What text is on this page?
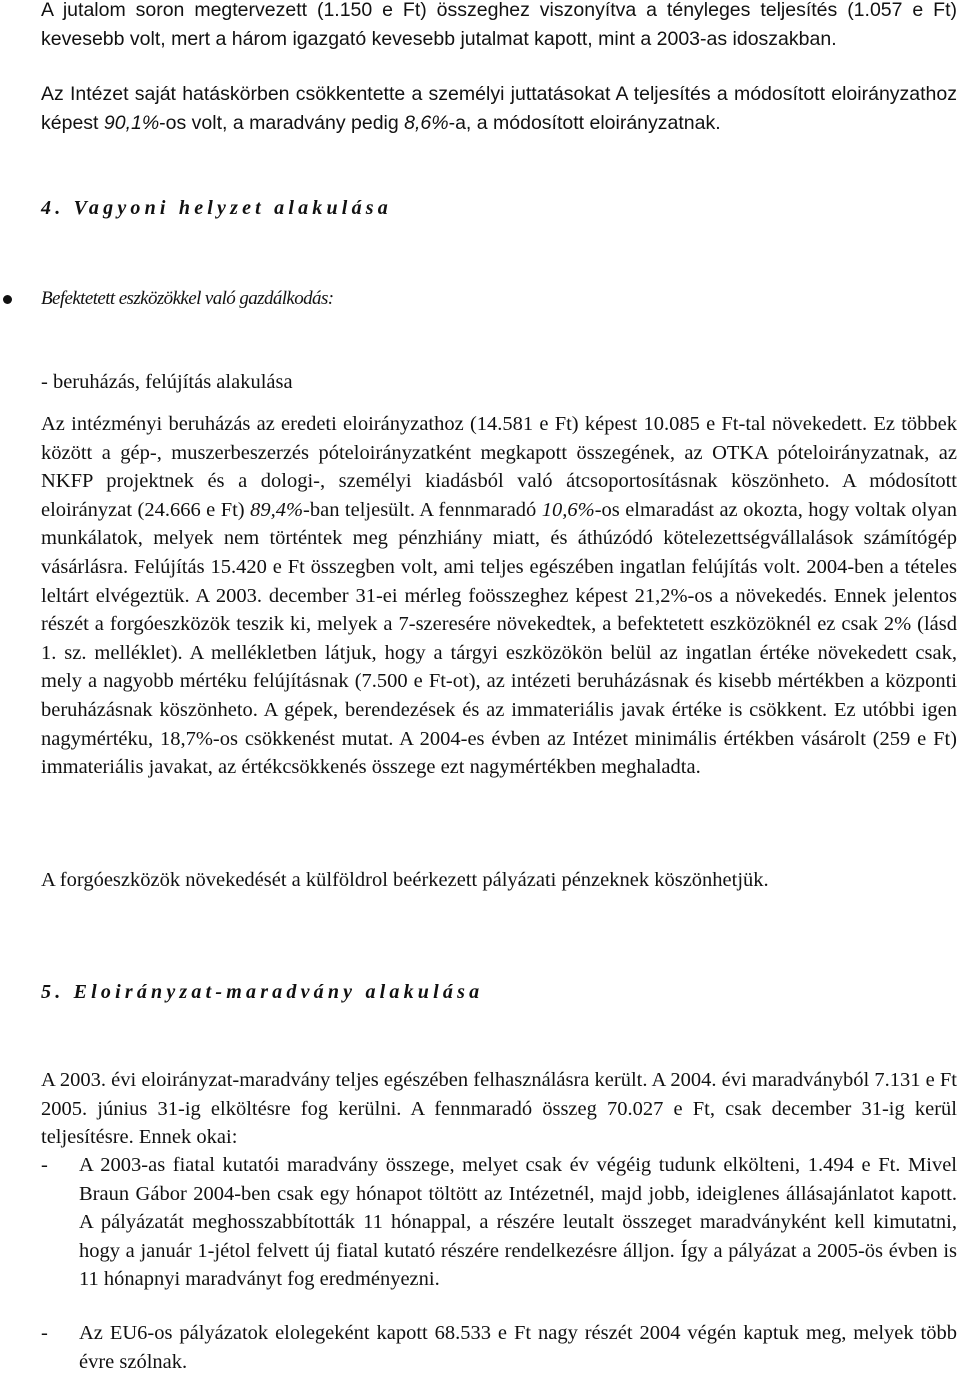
A jutalom soron megtervezett (1.150 e Ft) összeghez viszonyítva a tényleges teljesítés (1.057 e Ft) kevesebb volt, mert a három igazgató kevesebb jutalmat kapott, mint a 2003-as idoszakban.

Az Intézet saját hatáskörben csökkentette a személyi juttatásokat A teljesítés a módosított eloirányzathoz képest 90,1%-os volt, a maradvány pedig 8,6%-a, a módosított eloirányzatnak.

4. Vagyoni helyzet alakulása
Befektetett eszközökkel való gazdálkodás:

- beruházás, felújítás alakulása

Az intézményi beruházás az eredeti eloirányzathoz (14.581 e Ft) képest 10.085 e Ft-tal növekedett. Ez többek között a gép-, muszerbeszerzés póteloirányzatként megkapott összegének, az OTKA póteloirányzatnak, az NKFP projektnek és a dologi-, személyi kiadásból való átcsoportosításnak köszönheto. A módosított eloirányzat (24.666 e Ft) 89,4%-ban teljesült. A fennmaradó 10,6%-os elmaradást az okozta, hogy voltak olyan munkálatok, melyek nem történtek meg pénzhiány miatt, és áthúzódó kötelezettségvállalások számítógép vásárlásra. Felújítás 15.420 e Ft összegben volt, ami teljes egészében ingatlan felújítás volt. 2004-ben a tételes leltárt elvégeztük. A 2003. december 31-ei mérleg foösszeghez képest 21,2%-os a növekedés. Ennek jelentos részét a forgóeszközök teszik ki, melyek a 7-szeresére növekedtek, a befektetett eszközöknél ez csak 2% (lásd 1. sz. melléklet). A mellékletben látjuk, hogy a tárgyi eszközökön belül az ingatlan értéke növekedett csak, mely a nagyobb mértéku felújításnak (7.500 e Ft-ot), az intézeti beruházásnak és kisebb mértékben a központi beruházásnak köszönheto. A gépek, berendezések és az immateriális javak értéke is csökkent. Ez utóbbi igen nagymértéku, 18,7%-os csökkenést mutat. A 2004-es évben az Intézet minimális értékben vásárolt (259 e Ft) immateriális javakat, az értékcsökkenés összege ezt nagymértékben meghaladta.

A forgóeszközök növekedését a külföldrol beérkezett pályázati pénzeknek köszönhetjük.

5. Eloirányzat-maradvány alakulása

A 2003. évi eloirányzat-maradvány teljes egészében felhasználásra került. A 2004. évi maradványból 7.131 e Ft 2005. június 31-ig elköltésre fog kerülni. A fennmaradó összeg 70.027 e Ft, csak december 31-ig kerül teljesítésre. Ennek okai:

- A 2003-as fiatal kutatói maradvány összege, melyet csak év végéig tudunk elkölteni, 1.494 e Ft. Mivel Braun Gábor 2004-ben csak egy hónapot töltött az Intézetnél, majd jobb, ideiglenes állásajánlatot kapott. A pályázatát meghosszabbították 11 hónappal, a részére leutalt összeget maradványként kell kimutatni, hogy a január 1-jétol felvett új fiatal kutató részére rendelkezésre álljon. Így a pályázat a 2005-ös évben is 11 hónapnyi maradványt fog eredményezni.
- Az EU6-os pályázatok elolegeként kapott 68.533 e Ft nagy részét 2004 végén kaptuk meg, melyek több évre szólnak.
